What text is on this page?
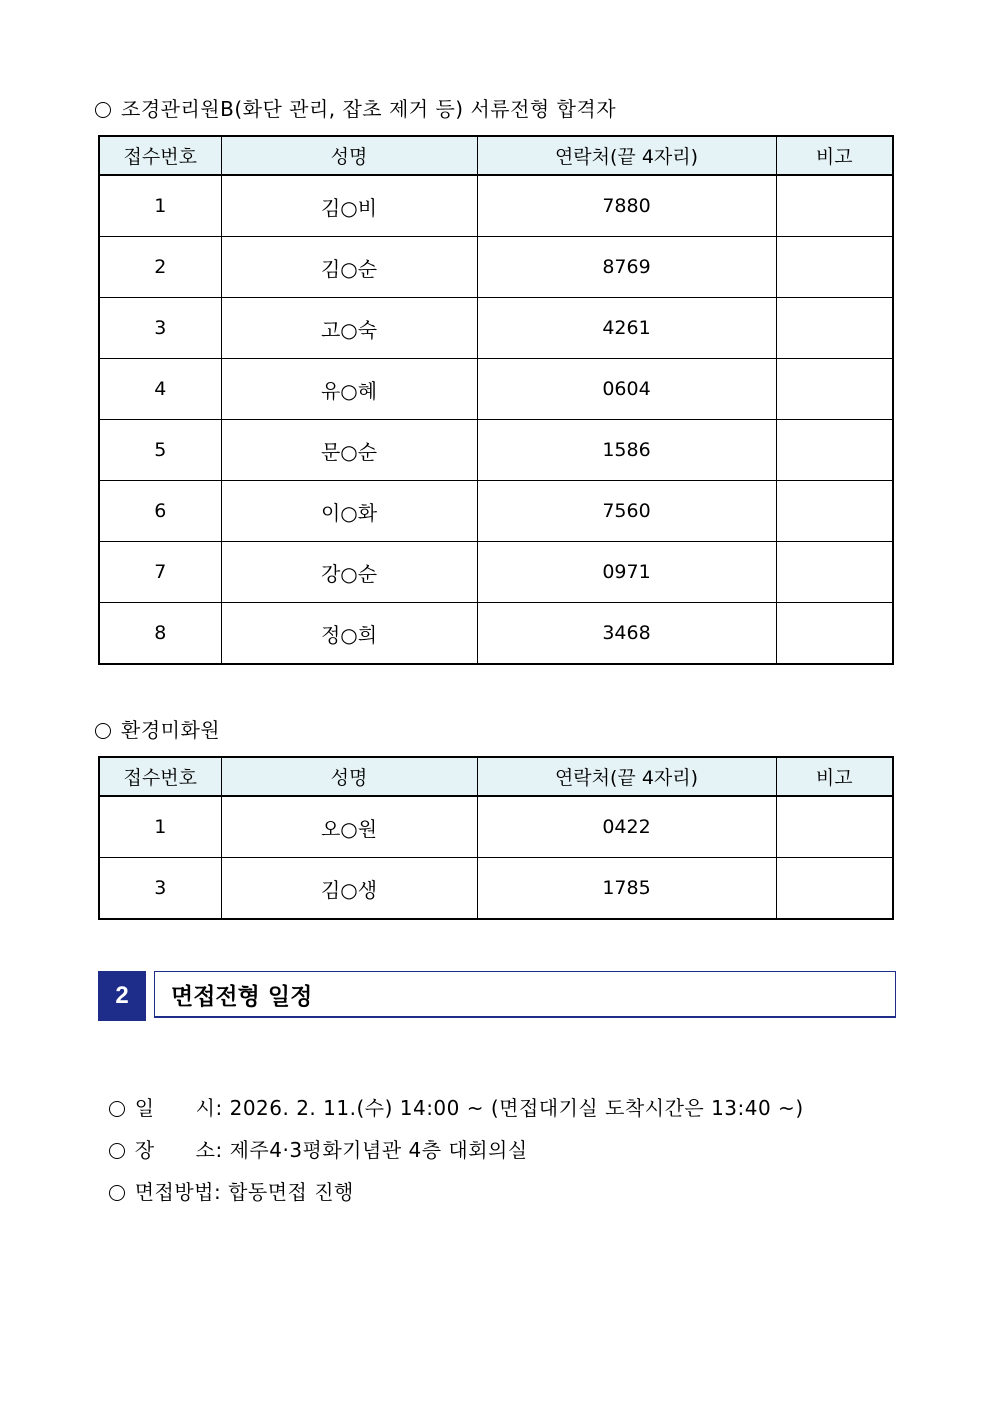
조경관리원B(화단 관리, 잡초 제거 등) 서류전형 합격자
접수번호	성명	연락처(끝 4자리)	비고
1	김○비	7880	
2	김○순	8769	
3	고○숙	4261	
4	유○혜	0604	
5	문○순	1586	
6	이○화	7560	
7	강○순	0971	
8	정○희	3468	
환경미화원
접수번호	성명	연락처(끝 4자리)	비고
1	오○원	0422	
3	김○생	1785	
2	면접전형 일정

일      시: 2026. 2. 11.(수) 14:00 ~ (면접대기실 도착시간은 13:40 ~)

장      소: 제주4·3평화기념관 4층 대회의실

면접방법: 합동면접 진행
